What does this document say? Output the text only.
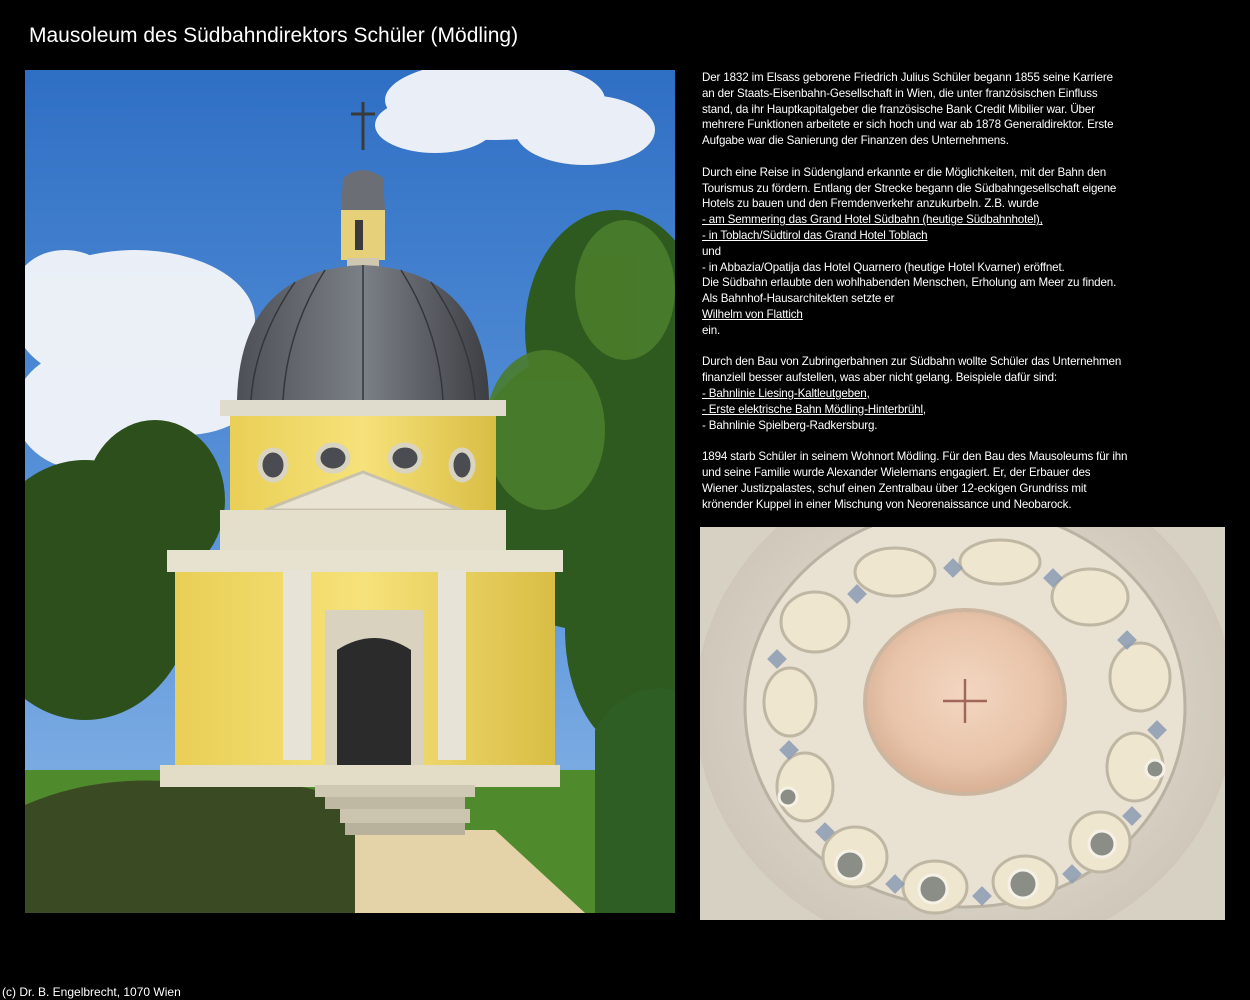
Mausoleum des Südbahndirektors Schüler (Mödling)

Der 1832 im Elsass geborene Friedrich Julius Schüler begann 1855 seine Karriere
an der Staats-Eisenbahn-Gesellschaft in Wien, die unter französischen Einfluss
stand, da ihr Hauptkapitalgeber die französische Bank Credit Mibilier war. Über
mehrere Funktionen arbeitete er sich hoch und war ab 1878 Generaldirektor. Erste
Aufgabe war die Sanierung der Finanzen des Unternehmens.

Durch eine Reise in Südengland erkannte er die Möglichkeiten, mit der Bahn den
Tourismus zu fördern. Entlang der Strecke begann die Südbahngesellschaft eigene
Hotels zu bauen und den Fremdenverkehr anzukurbeln. Z.B. wurde
- am Semmering das Grand Hotel Südbahn (heutige Südbahnhotel),
- in Toblach/Südtirol das Grand Hotel Toblach
und
- in Abbazia/Opatija das Hotel Quarnero (heutige Hotel Kvarner) eröffnet.
Die Südbahn erlaubte den wohlhabenden Menschen, Erholung am Meer zu finden.
Als Bahnhof-Hausarchitekten setzte er
Wilhelm von Flattich
ein.

Durch den Bau von Zubringerbahnen zur Südbahn wollte Schüler das Unternehmen
finanziell besser aufstellen, was aber nicht gelang. Beispiele dafür sind:
- Bahnlinie Liesing-Kaltleutgeben,
- Erste elektrische Bahn Mödling-Hinterbrühl,
- Bahnlinie Spielberg-Radkersburg.

1894 starb Schüler in seinem Wohnort Mödling. Für den Bau des Mausoleums für ihn
und seine Familie wurde Alexander Wielemans engagiert. Er, der Erbauer des
Wiener Justizpalastes, schuf einen Zentralbau über 12-eckigen Grundriss mit
krönender Kuppel in einer Mischung von Neorenaissance und Neobarock.

(c) Dr. B. Engelbrecht, 1070 Wien
